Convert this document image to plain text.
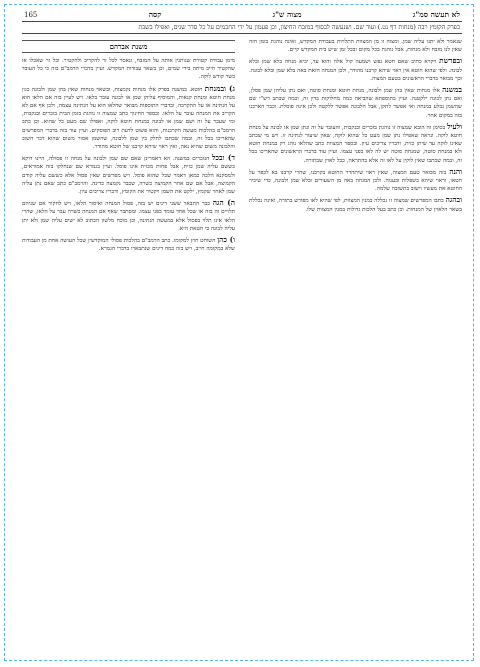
לא תעשה סמ"ג
מצוה ש"ג
קסה
165
בפרק הקומץ רבה (מנחות דף נט.) ועוד שם. ושנעשה לבסוף במזבח החיצון, וכן פעמון על ידי החכמים על כל סדר שנים, ואפילו בשבת

שנאמר ולא יתנו עליה שמן. ומצוה זו מן המצוות התלויות בעבודת המקדש, ואינה נוהגת בזמן הזה שאין לנו מזבח ולא מנחות, אבל נוהגת בכל מקום ובכל זמן שיש בית המקדש קיים.

ובפרשת ויקרא כתיב שאם חטא נפש ושמעה קול אלה והוא עד, יביא מנחה בלא שמן ובלא לבונה. ולפי שהוא חוטא אין ראוי שיהא קרבנו מהודר, ולכן המנחה הזאת באה בלא שמן ובלא לבונה. וכך מבואר בדברי הראשונים בטעם המצוה.

במשנה אלו מנחות שאין בהן שמן ולבונה, מנחת חוטא ומנחת סוטה, ואם נתן עליהן שמן פסלן, ואם נתן לבונה ילקטנה. ועיין בתוספתא שהביאה כמה מחלוקות בדין זה, ובמה שכתב רש"י שם שהשמן נבלע במנחה ואי אפשר לתקן, אבל הלבונה אפשר ללקטה ולכן אינה פוסלת. וכבר הארכנו בזה במקום אחר.

ולעיל בסימן זה הובא שמצוה זו נוהגת בזכרים ובנקבות, והעובר על זה ונתן שמן או לבונה על מנחת חוטא לוקה. ונראה שאפילו נתן שמן מעט כל שהוא לוקה, שאין שיעור לנתינה זו. ויש מי שכתב שאינו לוקה עד שיתן כזית, ודבריו צריכים עיון. ובספר המצוות כתב שהלאו נוהג רק במנחת חוטא ולא במנחת סוטה, שמנחת סוטה יש לה לאו בפני עצמו. ועיין עוד בדברי הראשונים שהאריכו בכל זה, ובמה שכתבו שאין לוקין על לאו זה אלא בהתראה, ככל לאוין שבתורה.

והנה בזה מבואר טעם המצוה, שאין ראוי שיתהדר החוטא בקרבנו, שהרי קרבנו בא לכפר על חטאו, וראוי שיהא בשפלות ובענוה. ולכן המנחה באה מן השעורים ובלא שמן ולבונה, כדי שיכיר החוטא את מעשיו וישוב בתשובה שלמה.

ובהגה כתבו המפרשים שמצוה זו נכללה במנין המצוות, לפי שהיא לאו מפורש בתורה, ואינה נכללת בשאר הלאוין של המנחות. וכן כתב בעל הלכות גדולות במנין המצוות שלו.

משנת אברהם

מימן עבודת קטורת שנותנין אותה על המזבח, ונאסר לכל זר להקריב ולהקטיר. וכל זר שאכלו או שהקטיר חייב מיתה בידי שמים, וכן בשאר עבודות המקדש. ועיין בדברי הרמב"ם בזה כי כל העובד בשר קודש לוקה.

ג) ובמנחת חוטא. במשנה בפרק אלו מנחות נקמצות, ובשאר מנחות שאין בהן שמן ולבונה כגון מנחת חוטא ומנחת קנאות, והמוסיף עליהן שמן או לבונה עובר בלאו. ויש לעיין בזה אם הלאו הוא על הנתינה או על ההקרבה, ובדברי התוספות מבואר שהלאו הוא על הנתינה עצמה, ולכן אף אם לא הקריב את המנחה עובר על הלאו. ובספר החינוך כתב שמצוה זו נוהגת בזמן הבית בזכרים ובנקבות, ומי שעבר על זה ושם שמן או לבונה במנחת חוטא לוקה, ואפילו שם מעט כל שהוא. וכן כתב הרמב"ם בהלכות מעשה הקרבנות, והוא פשוט לדעת רוב הפוסקים. ועיין עוד בזה בדברי המפרשים שהאריכו בכל זה, ובמה שכתבו לחלק בין שמן ללבונה, שהשמן אסור משום שהוא דבר חשוב והלבונה משום שהיא נאה, ואין ראוי שיהא קרבנו של חוטא מהודר.

ד) ובכל הנזכרים במשנה. הא דאמרינן שאם שם שמן ולבונה על מנחה זו פסולה, היינו דוקא כששם עליה שמן כזית, אבל פחות מכזית אינו פוסל. ועיין בגמרא שם שנחלקו בזה אמוראים, ולמסקנא הלכה כמאן דאמר שכל שהוא פוסל. ויש מפרשים שאין פסול אלא כששם עליה קודם הקמיצה, אבל אם שם אחר הקמיצה כשרה, שכבר נקמצה כדינה. והרמב"ם כתב שאם נתן עליה שמן לאחר שקמץ, ילקט את השמן ויקטיר את הקומץ, ודבריו צריכים עיון.

ה) הגה כבר התבאר ששני דינים יש בזה, פסול המנחה ואיסור הלאו, ויש לחקור אם שניהם תלויים זה בזה או שכל אחד עומד בפני עצמו. ומסתבר שאף אם המנחה כשרה עבר על הלאו, שהרי הלאו אינו תלוי בפסול אלא במעשה הנתינה, וכן מוכח מלשון הכתוב לא ישים עליה שמן ולא יתן עליה לבונה כי חטאת היא.

ו) כהן השוחט חוץ למקומו. כתב הרמב"ם בהלכות פסולי המוקדשין שכל העושה אחת מן העבודות שלא במקומה חייב, ויש בזה כמה דינים שנתבארו בדברי הגמרא.
